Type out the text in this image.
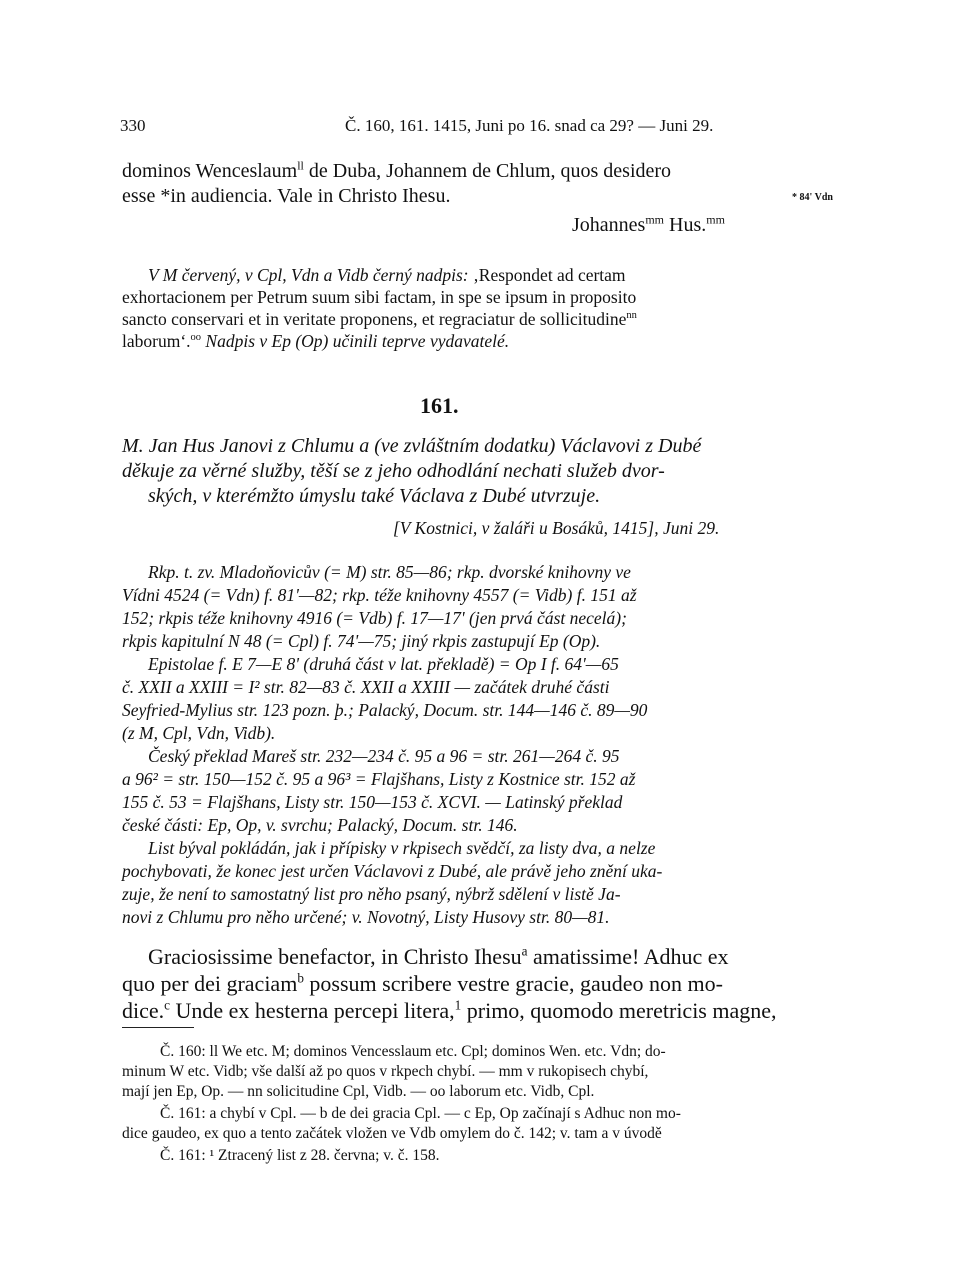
330	Č. 160, 161. 1415, Juni po 16. snad ca 29? — Juni 29.
dominos Wenceslaum$^{ll}$ de Duba, Johannem de Chlum, quos desidero
esse *in audiencia. Vale in Christo Ihesu.	* 84' Vdn
Johannes$^{mm}$ Hus.$^{mm}$
V M červený, v Cpl, Vdn a Vidb černý nadpis: ‚Respondet ad certam
exhortacionem per Petrum suum sibi factam, in spe se ipsum in proposito
sancto conservari et in veritate proponens, et regraciatur de sollicitudine$^{nn}$
laborum‘.$^{oo}$ Nadpis v Ep (Op) učinili teprve vydavatelé.
161.
M. Jan Hus Janovi z Chlumu a (ve zvláštním dodatku) Václavovi z Dubé
děkuje za věrné služby, těší se z jeho odhodlání nechati služeb dvor-
ských, v kterémžto úmyslu také Václava z Dubé utvrzuje.
[V Kostnici, v žaláři u Bosáků, 1415], Juni 29.
Rkp. t. zv. Mladoňovicův (= M) str. 85—86; rkp. dvorské knihovny ve
Vídni 4524 (= Vdn) f. 81'—82; rkp. téže knihovny 4557 (= Vidb) f. 151 až
152; rkpis téže knihovny 4916 (= Vdb) f. 17—17' (jen prvá část necelá);
rkpis kapitulní N 48 (= Cpl) f. 74'—75; jiný rkpis zastupují Ep (Op).
Epistolae f. E 7—E 8' (druhá část v lat. překladě) = Op I f. 64'—65
č. XXII a XXIII = I² str. 82—83 č. XXII a XXIII — začátek druhé části
Seyfried-Mylius str. 123 pozn. þ.; Palacký, Docum. str. 144—146 č. 89—90
(z M, Cpl, Vdn, Vidb).
Český překlad Mareš str. 232—234 č. 95 a 96 = str. 261—264 č. 95
a 96² = str. 150—152 č. 95 a 96³ = Flajšhans, Listy z Kostnice str. 152 až
155 č. 53 = Flajšhans, Listy str. 150—153 č. XCVI. — Latinský překlad
české části: Ep, Op, v. svrchu; Palacký, Docum. str. 146.
List býval pokládán, jak i přípisky v rkpisech svědčí, za listy dva, a nelze
pochybovati, že konec jest určen Václavovi z Dubé, ale právě jeho znění uka-
zuje, že není to samostatný list pro něho psaný, nýbrž sdělení v listě Ja-
novi z Chlumu pro něho určené; v. Novotný, Listy Husovy str. 80—81.
Graciosissime benefactor, in Christo Ihesu$^a$ amatissime! Adhuc ex
quo per dei graciam$^b$ possum scribere vestre gracie, gaudeo non mo-
dice.$^c$ Unde ex hesterna percepi litera,$^1$ primo, quomodo meretricis magne,
Č. 160: ll We etc. M; dominos Vencesslaum etc. Cpl; dominos Wen. etc. Vdn; do-
minum W etc. Vidb; vše další až po quos v rkpech chybí. — mm v rukopisech chybí,
mají jen Ep, Op. — nn solicitudine Cpl, Vidb. — oo laborum etc. Vidb, Cpl.
Č. 161: a chybí v Cpl. — b de dei gracia Cpl. — c Ep, Op začínají s Adhuc non mo-
dice gaudeo, ex quo a tento začátek vložen ve Vdb omylem do č. 142; v. tam a v úvodě
Č. 161: ¹ Ztracený list z 28. června; v. č. 158.
